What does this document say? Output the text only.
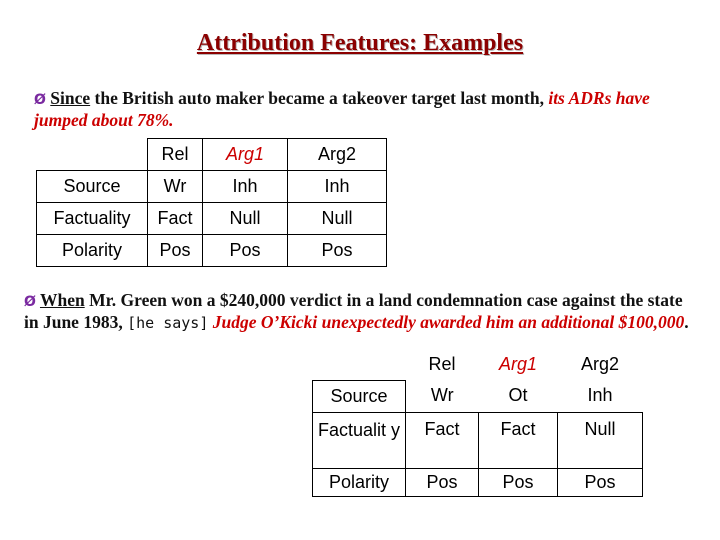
Attribution Features: Examples
Ø Since the British auto maker became a takeover target last month, its ADRs have jumped about 78%.
	Rel	Arg1	Arg2
Source	Wr	Inh	Inh
Factuality	Fact	Null	Null
Polarity	Pos	Pos	Pos
Ø When Mr. Green won a $240,000 verdict in a land condemnation case against the state in June 1983, [he says] Judge O’Kicki unexpectedly awarded him an additional $100,000.
	Rel	Arg1	Arg2
Source	Wr	Ot	Inh
Factualit y	Fact	Fact	Null
Polarity	Pos	Pos	Pos
